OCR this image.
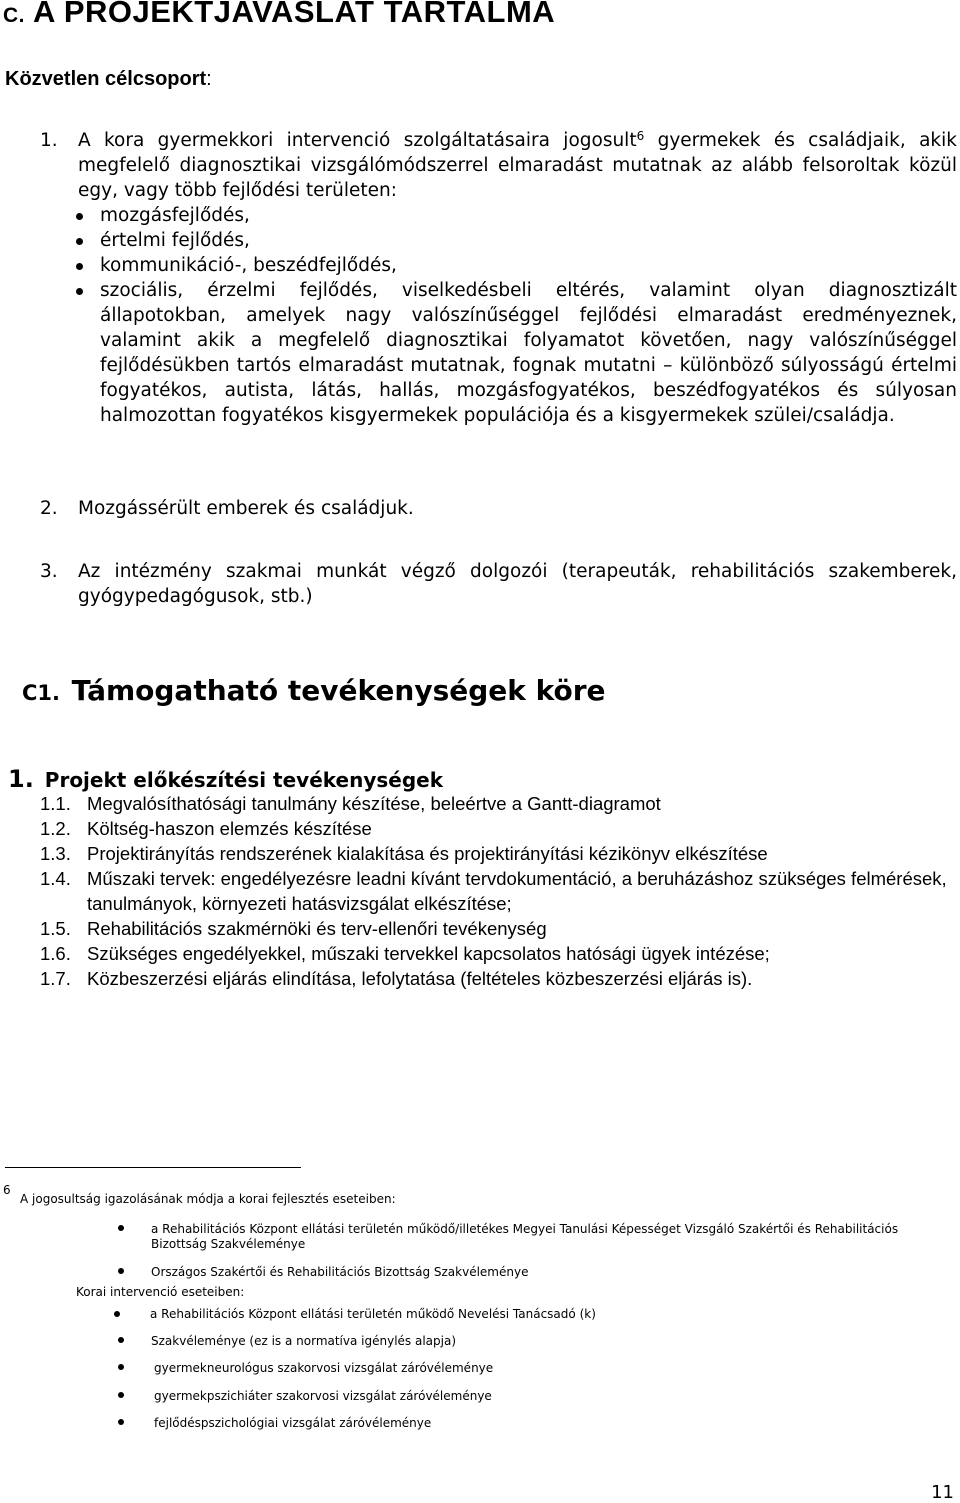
C. A PROJEKTJAVASLAT TARTALMA
Közvetlen célcsoport:
1.	A kora gyermekkori intervenció szolgáltatásaira jogosult$^6$ gyermekek és családjaik, akik megfelelő diagnosztikai vizsgálómódszerrel elmaradást mutatnak az alább felsoroltak közül egy, vagy több fejlődési területen:
mozgásfejlődés,
értelmi fejlődés,
kommunikáció-, beszédfejlődés,
szociális, érzelmi fejlődés, viselkedésbeli eltérés, valamint olyan diagnosztizált állapotokban, amelyek nagy valószínűséggel fejlődési elmaradást eredményeznek, valamint akik a megfelelő diagnosztikai folyamatot követően, nagy valószínűséggel fejlődésükben tartós elmaradást mutatnak, fognak mutatni – különböző súlyosságú értelmi fogyatékos, autista, látás, hallás, mozgásfogyatékos, beszédfogyatékos és súlyosan halmozottan fogyatékos kisgyermekek populációja és a kisgyermekek szülei/családja.
2.	Mozgássérült emberek és családjuk.
3.	Az intézmény szakmai munkát végző dolgozói (terapeuták, rehabilitációs szakemberek, gyógypedagógusok, stb.)
C1. Támogatható tevékenységek köre
1. Projekt előkészítési tevékenységek
1.1. Megvalósíthatósági tanulmány készítése, beleértve a Gantt-diagramot
1.2. Költség-haszon elemzés készítése
1.3. Projektirányítás rendszerének kialakítása és projektirányítási kézikönyv elkészítése
1.4. Műszaki tervek: engedélyezésre leadni kívánt tervdokumentáció, a beruházáshoz szükséges felmérések, tanulmányok, környezeti hatásvizsgálat elkészítése;
1.5. Rehabilitációs szakmérnöki és terv-ellenőri tevékenység
1.6. Szükséges engedélyekkel, műszaki tervekkel kapcsolatos hatósági ügyek intézése;
1.7. Közbeszerzési eljárás elindítása, lefolytatása (feltételes közbeszerzési eljárás is).
6
A jogosultság igazolásának módja a korai fejlesztés eseteiben:
a Rehabilitációs Központ ellátási területén működő/illetékes Megyei Tanulási Képességet Vizsgáló Szakértői és Rehabilitációs Bizottság Szakvéleménye
Országos Szakértői és Rehabilitációs Bizottság Szakvéleménye
Korai intervenció eseteiben:
a Rehabilitációs Központ ellátási területén működő Nevelési Tanácsadó (k)
Szakvéleménye (ez is a normatíva igénylés alapja)
gyermekneurológus szakorvosi vizsgálat záróvéleménye
gyermekpszichiáter szakorvosi vizsgálat záróvéleménye
fejlődéspszichológiai vizsgálat záróvéleménye
11
